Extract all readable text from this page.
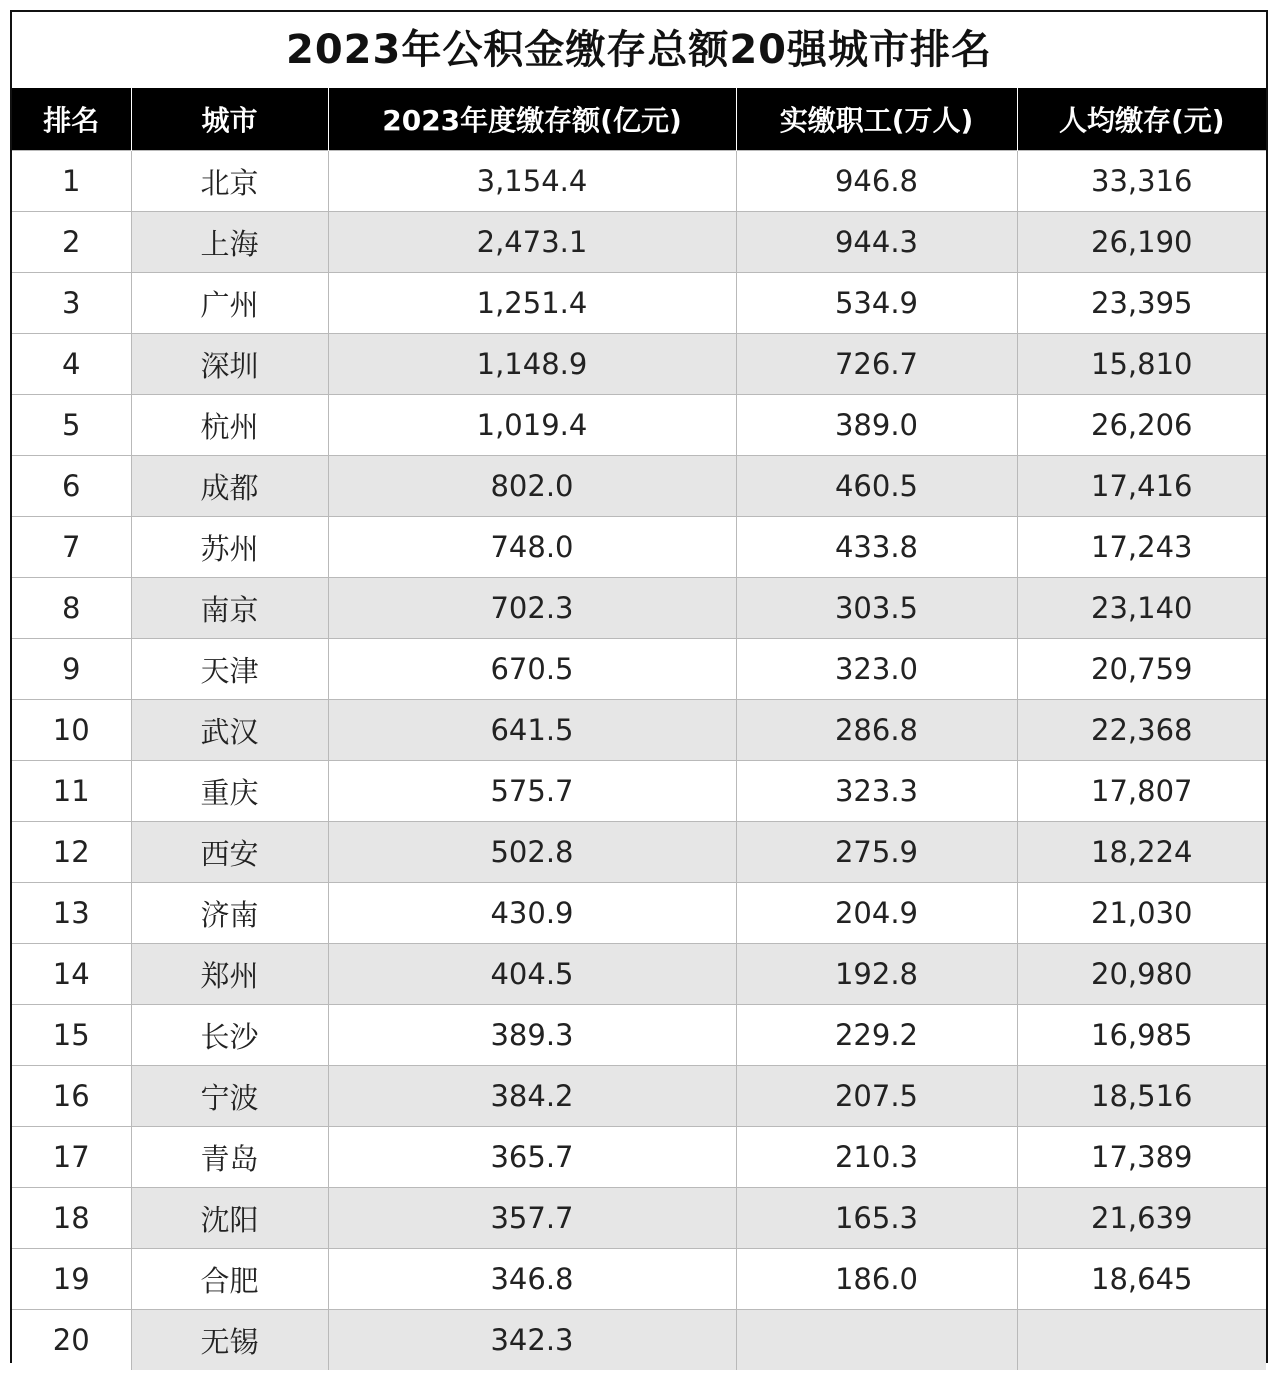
2023年公积金缴存总额20强城市排名
排名	城市	2023年度缴存额(亿元)	实缴职工(万人)	人均缴存(元)
1	北京	3,154.4	946.8	33,316
2	上海	2,473.1	944.3	26,190
3	广州	1,251.4	534.9	23,395
4	深圳	1,148.9	726.7	15,810
5	杭州	1,019.4	389.0	26,206
6	成都	802.0	460.5	17,416
7	苏州	748.0	433.8	17,243
8	南京	702.3	303.5	23,140
9	天津	670.5	323.0	20,759
10	武汉	641.5	286.8	22,368
11	重庆	575.7	323.3	17,807
12	西安	502.8	275.9	18,224
13	济南	430.9	204.9	21,030
14	郑州	404.5	192.8	20,980
15	长沙	389.3	229.2	16,985
16	宁波	384.2	207.5	18,516
17	青岛	365.7	210.3	17,389
18	沈阳	357.7	165.3	21,639
19	合肥	346.8	186.0	18,645
20	无锡	342.3		
